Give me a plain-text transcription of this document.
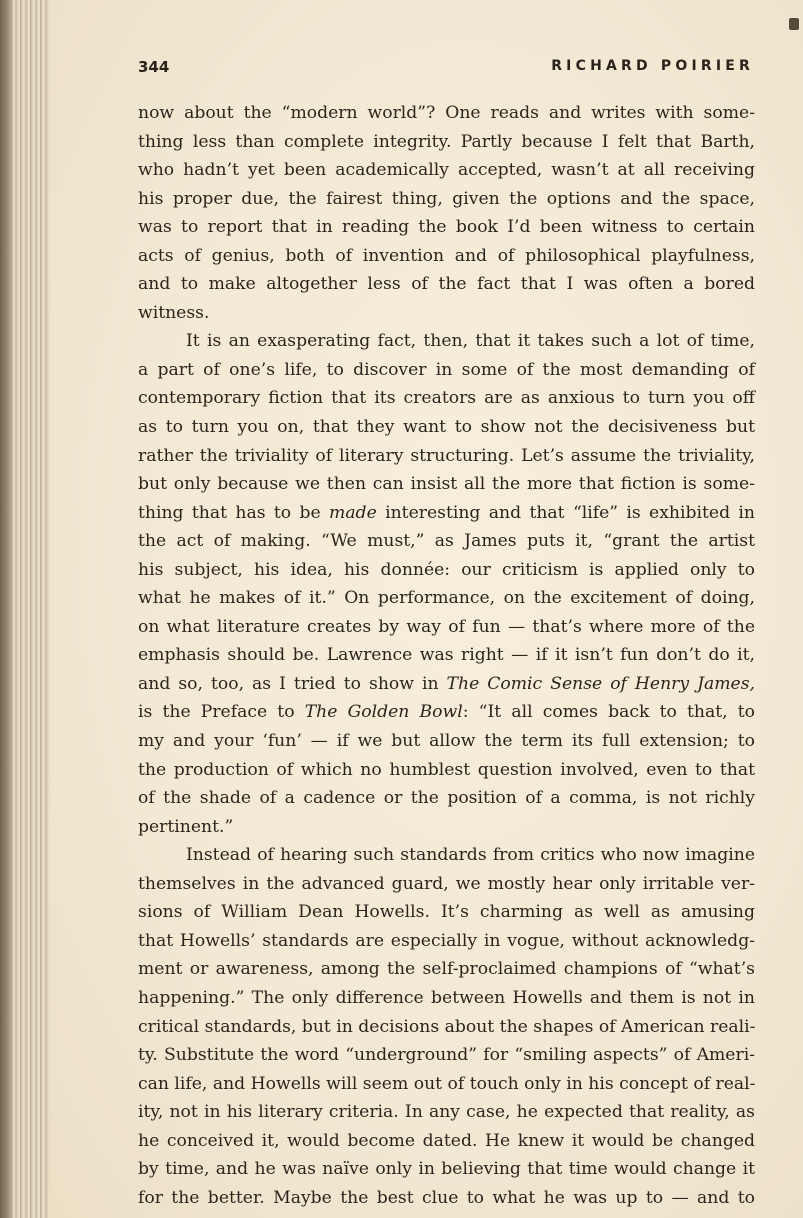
344	RICHARD POIRIER
now about the “modern world”? One reads and writes with some-
thing less than complete integrity. Partly because I felt that Barth,
who hadn’t yet been academically accepted, wasn’t at all receiving
his proper due, the fairest thing, given the options and the space,
was to report that in reading the book I’d been witness to certain
acts of genius, both of invention and of philosophical playfulness,
and to make altogether less of the fact that I was often a bored
witness.
It is an exasperating fact, then, that it takes such a lot of time,
a part of one’s life, to discover in some of the most demanding of
contemporary fiction that its creators are as anxious to turn you off
as to turn you on, that they want to show not the decisiveness but
rather the triviality of literary structuring. Let’s assume the triviality,
but only because we then can insist all the more that fiction is some-
thing that has to be made interesting and that “life” is exhibited in
the act of making. “We must,” as James puts it, “grant the artist
his subject, his idea, his donnée: our criticism is applied only to
what he makes of it.” On performance, on the excitement of doing,
on what literature creates by way of fun — that’s where more of the
emphasis should be. Lawrence was right — if it isn’t fun don’t do it,
and so, too, as I tried to show in The Comic Sense of Henry James,
is the Preface to The Golden Bowl: “It all comes back to that, to
my and your ‘fun’ — if we but allow the term its full extension; to
the production of which no humblest question involved, even to that
of the shade of a cadence or the position of a comma, is not richly
pertinent.”
Instead of hearing such standards from critics who now imagine
themselves in the advanced guard, we mostly hear only irritable ver-
sions of William Dean Howells. It’s charming as well as amusing
that Howells’ standards are especially in vogue, without acknowledg-
ment or awareness, among the self-proclaimed champions of “what’s
happening.” The only difference between Howells and them is not in
critical standards, but in decisions about the shapes of American reali-
ty. Substitute the word “underground” for “smiling aspects” of Ameri-
can life, and Howells will seem out of touch only in his concept of real-
ity, not in his literary criteria. In any case, he expected that reality, as
he conceived it, would become dated. He knew it would be changed
by time, and he was naïve only in believing that time would change it
for the better. Maybe the best clue to what he was up to — and to
